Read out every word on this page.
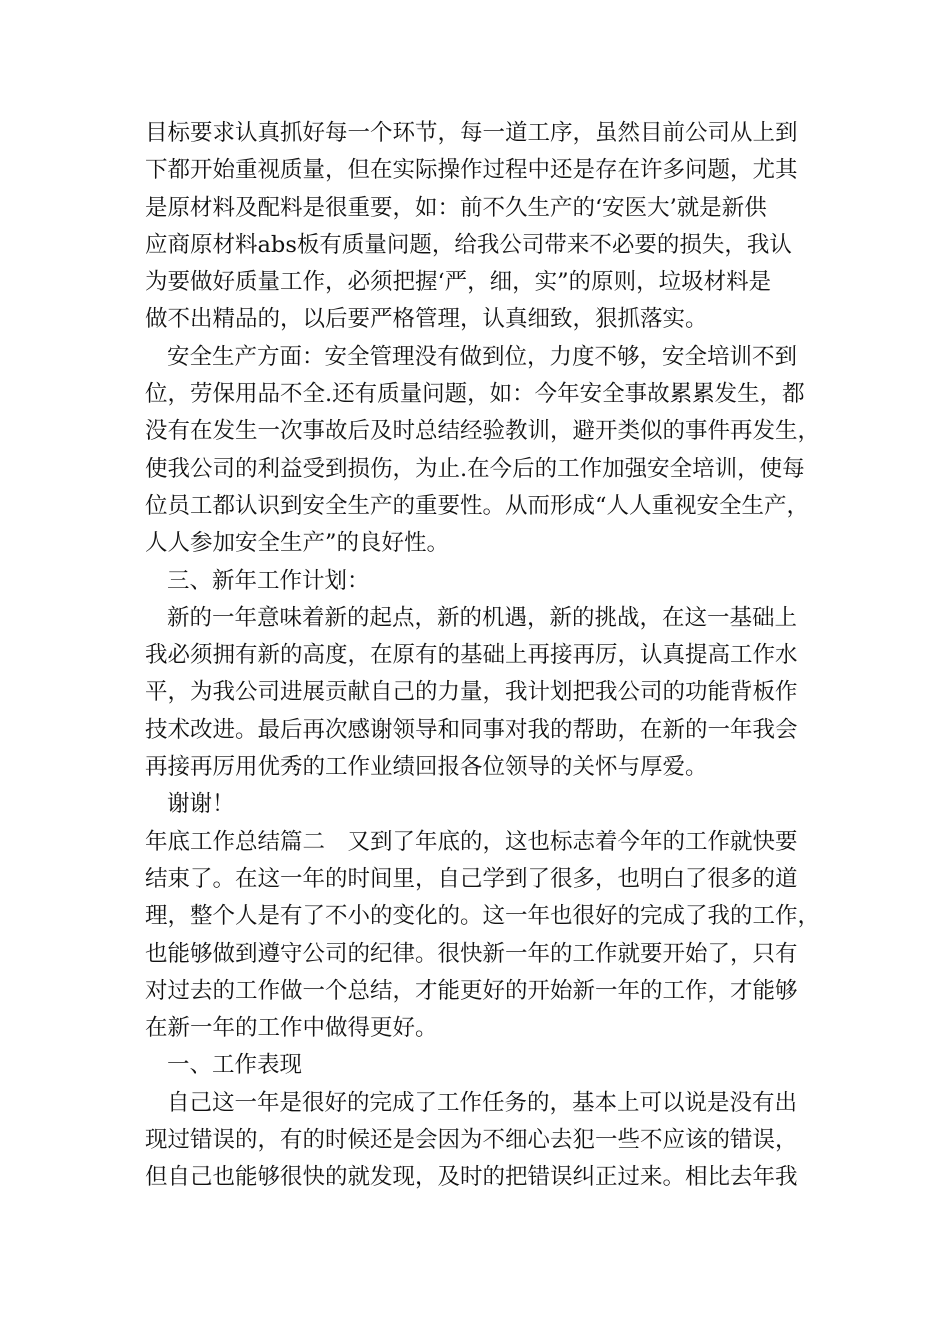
目标要求认真抓好每一个环节，每一道工序，虽然目前公司从上到
下都开始重视质量，但在实际操作过程中还是存在许多问题，尤其
是原材料及配料是很重要，如：前不久生产的‘安医大’就是新供
应商原材料abs板有质量问题，给我公司带来不必要的损失，我认
为要做好质量工作，必须把握‘严，细，实”的原则，垃圾材料是
做不出精品的，以后要严格管理，认真细致，狠抓落实。
安全生产方面：安全管理没有做到位，力度不够，安全培训不到
位，劳保用品不全.还有质量问题，如：今年安全事故累累发生，都
没有在发生一次事故后及时总结经验教训，避开类似的事件再发生，
使我公司的利益受到损伤，为止.在今后的工作加强安全培训，使每
位员工都认识到安全生产的重要性。从而形成“人人重视安全生产，
人人参加安全生产”的良好性。
三、新年工作计划：
新的一年意味着新的起点，新的机遇，新的挑战，在这一基础上
我必须拥有新的高度，在原有的基础上再接再厉，认真提高工作水
平，为我公司进展贡献自己的力量，我计划把我公司的功能背板作
技术改进。最后再次感谢领导和同事对我的帮助，在新的一年我会
再接再厉用优秀的工作业绩回报各位领导的关怀与厚爱。
谢谢！
年底工作总结篇二　又到了年底的，这也标志着今年的工作就快要
结束了。在这一年的时间里，自己学到了很多，也明白了很多的道
理，整个人是有了不小的变化的。这一年也很好的完成了我的工作，
也能够做到遵守公司的纪律。很快新一年的工作就要开始了，只有
对过去的工作做一个总结，才能更好的开始新一年的工作，才能够
在新一年的工作中做得更好。
一、工作表现
自己这一年是很好的完成了工作任务的，基本上可以说是没有出
现过错误的，有的时候还是会因为不细心去犯一些不应该的错误，
但自己也能够很快的就发现，及时的把错误纠正过来。相比去年我
